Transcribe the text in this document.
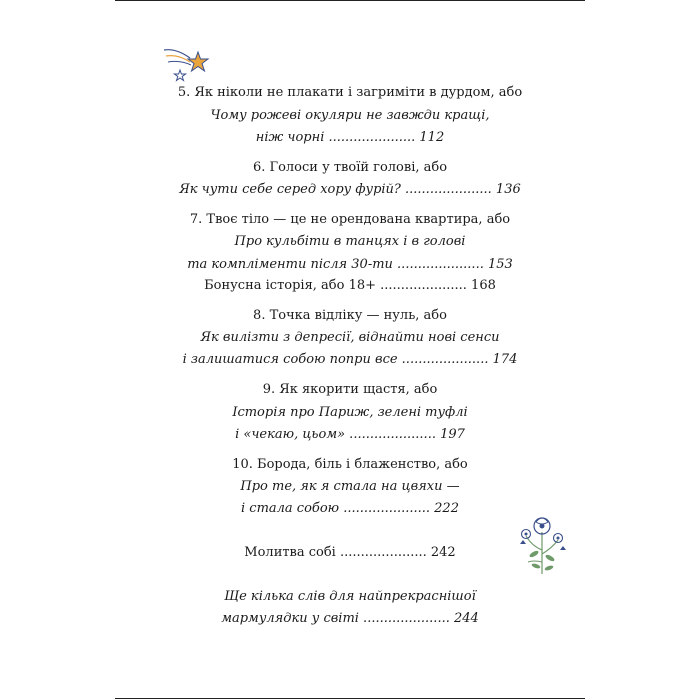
5. Як ніколи не плакати і загриміти в дурдом, або
Чому рожеві окуляри не завжди кращі,
ніж чорні ..................... 112
6. Голоси у твоїй голові, або
Як чути себе серед хору фурій? ..................... 136
7. Твоє тіло — це не орендована квартира, або
Про кульбіти в танцях і в голові
та компліменти після 30-ти ..................... 153
Бонусна історія, або 18+ ..................... 168
8. Точка відліку — нуль, або
Як вилізти з депресії, віднайти нові сенси
і залишатися собою попри все ..................... 174
9. Як якорити щастя, або
Історія про Париж, зелені туфлі
і «чекаю, цьом» ..................... 197
10. Борода, біль і блаженство, або
Про те, як я стала на цвяхи —
і стала собою ..................... 222
Молитва собі ..................... 242
Ще кілька слів для найпрекраснішої
мармулядки у світі ..................... 244
